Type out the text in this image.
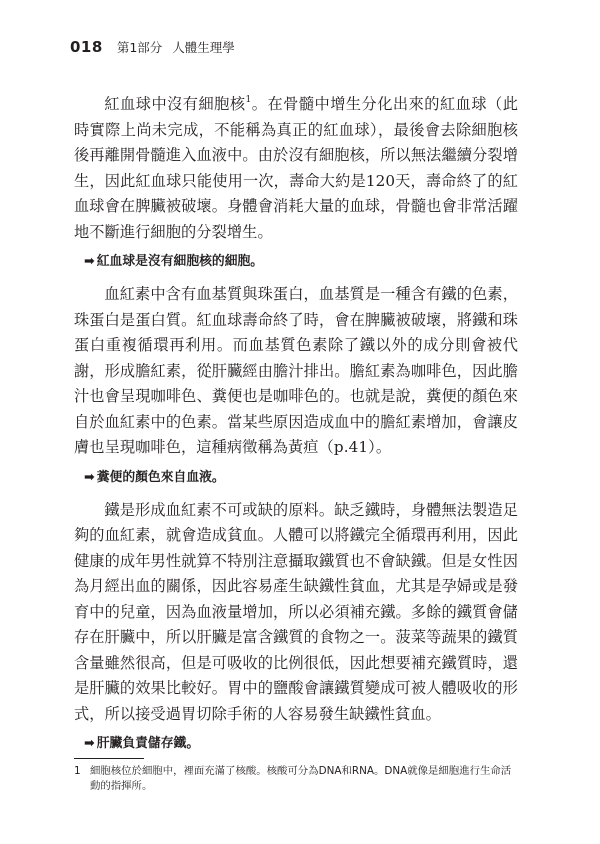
018 第1部分 人體生理學

紅血球中沒有細胞核$^1$。在骨髓中增生分化出來的紅血球（此時實際上尚未完成，不能稱為真正的紅血球），最後會去除細胞核後再離開骨髓進入血液中。由於沒有細胞核，所以無法繼續分裂增生，因此紅血球只能使用一次，壽命大約是120天，壽命終了的紅血球會在脾臟被破壞。身體會消耗大量的血球，骨髓也會非常活躍地不斷進行細胞的分裂增生。

➡ 紅血球是沒有細胞核的細胞。

血紅素中含有血基質與珠蛋白，血基質是一種含有鐵的色素，珠蛋白是蛋白質。紅血球壽命終了時，會在脾臟被破壞，將鐵和珠蛋白重複循環再利用。而血基質色素除了鐵以外的成分則會被代謝，形成膽紅素，從肝臟經由膽汁排出。膽紅素為咖啡色，因此膽汁也會呈現咖啡色、糞便也是咖啡色的。也就是說，糞便的顏色來自於血紅素中的色素。當某些原因造成血中的膽紅素增加，會讓皮膚也呈現咖啡色，這種病徵稱為黃疸（p.41）。

➡ 糞便的顏色來自血液。

鐵是形成血紅素不可或缺的原料。缺乏鐵時，身體無法製造足夠的血紅素，就會造成貧血。人體可以將鐵完全循環再利用，因此健康的成年男性就算不特別注意攝取鐵質也不會缺鐵。但是女性因為月經出血的關係，因此容易產生缺鐵性貧血，尤其是孕婦或是發育中的兒童，因為血液量增加，所以必須補充鐵。多餘的鐵質會儲存在肝臟中，所以肝臟是富含鐵質的食物之一。菠菜等蔬果的鐵質含量雖然很高，但是可吸收的比例很低，因此想要補充鐵質時，還是肝臟的效果比較好。胃中的鹽酸會讓鐵質變成可被人體吸收的形式，所以接受過胃切除手術的人容易發生缺鐵性貧血。

➡ 肝臟負責儲存鐵。
1 細胞核位於細胞中，裡面充滿了核酸。核酸可分為DNA和RNA。DNA就像是細胞進行生命活動的指揮所。
